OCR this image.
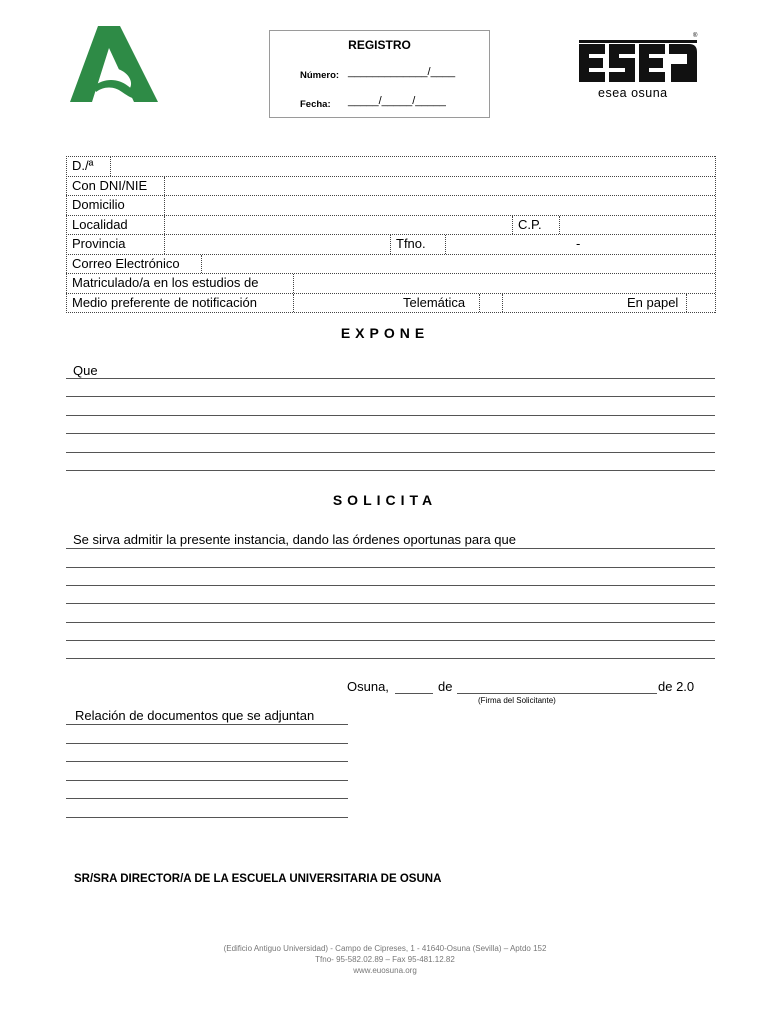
REGISTRO
Número: _____________/____
Fecha: _____/_____/_____
esea osuna
®
D./ª
Con DNI/NIE
Domicilio
Localidad	C.P.
Provincia	Tfno.	-
Correo Electrónico
Matriculado/a en los estudios de
Medio preferente de notificación	Telemática	En papel
EXPONE
Que
SOLICITA
Se sirva admitir la presente instancia, dando las órdenes oportunas para que
Osuna,	de	de 2.0
(Firma del Solicitante)
Relación de documentos que se adjuntan
SR/SRA DIRECTOR/A DE LA ESCUELA UNIVERSITARIA DE OSUNA
(Edificio Antiguo Universidad) - Campo de Cipreses, 1 - 41640-Osuna (Sevilla) – Aptdo 152
Tfno- 95-582.02.89 – Fax 95-481.12.82
www.euosuna.org
